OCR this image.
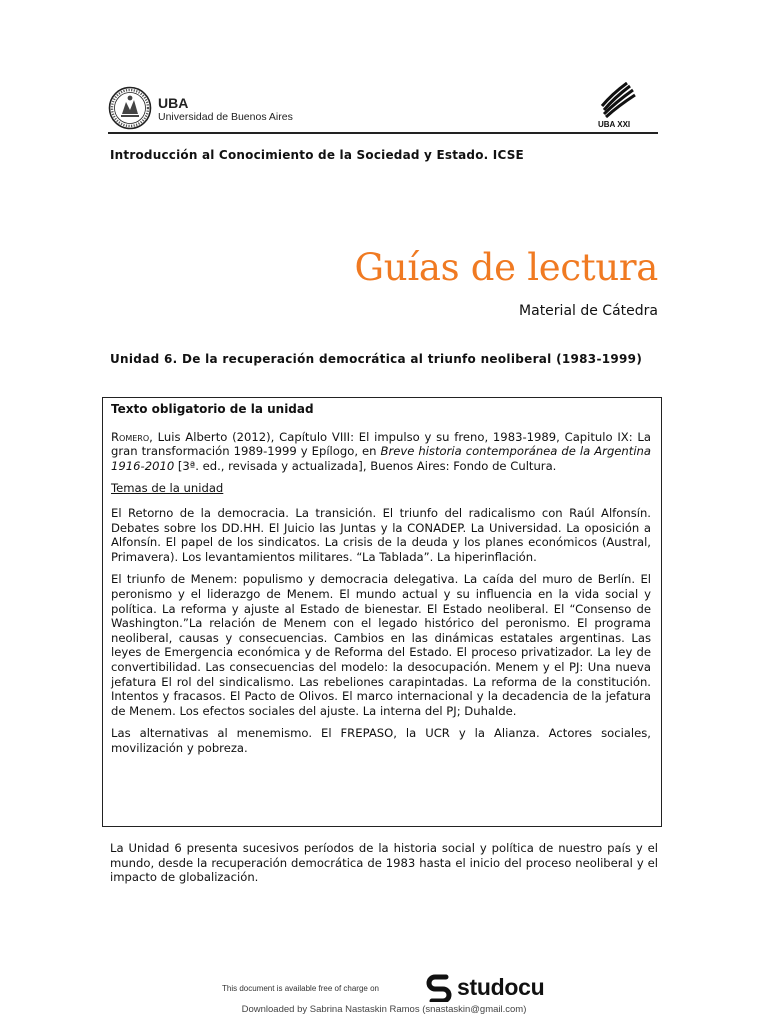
UBA
Universidad de Buenos Aires
UBA XXI
Introducción al Conocimiento de la Sociedad y Estado. ICSE
Guías de lectura
Material de Cátedra
Unidad 6. De la recuperación democrática al triunfo neoliberal (1983-1999)

Texto obligatorio de la unidad

Romero, Luis Alberto (2012), Capítulo VIII: El impulso y su freno, 1983-1989, Capitulo IX: La gran transformación 1989-1999 y Epílogo, en Breve historia contemporánea de la Argentina 1916-2010 [3ª. ed., revisada y actualizada], Buenos Aires: Fondo de Cultura.

Temas de la unidad

El Retorno de la democracia. La transición. El triunfo del radicalismo con Raúl Alfonsín. Debates sobre los DD.HH. El Juicio las Juntas y la CONADEP. La Universidad. La oposición a Alfonsín. El papel de los sindicatos. La crisis de la deuda y los planes económicos (Austral, Primavera). Los levantamientos militares. “La Tablada”. La hiperinflación.

El triunfo de Menem: populismo y democracia delegativa. La caída del muro de Berlín. El peronismo y el liderazgo de Menem. El mundo actual y su influencia en la vida social y política. La reforma y ajuste al Estado de bienestar. El Estado neoliberal. El “Consenso de Washington.”La relación de Menem con el legado histórico del peronismo. El programa neoliberal, causas y consecuencias. Cambios en las dinámicas estatales argentinas. Las leyes de Emergencia económica y de Reforma del Estado. El proceso privatizador. La ley de convertibilidad. Las consecuencias del modelo: la desocupación. Menem y el PJ: Una nueva jefatura El rol del sindicalismo. Las rebeliones carapintadas. La reforma de la constitución. Intentos y fracasos. El Pacto de Olivos. El marco internacional y la decadencia de la jefatura de Menem. Los efectos sociales del ajuste. La interna del PJ; Duhalde.

Las alternativas al menemismo. El FREPASO, la UCR y la Alianza. Actores sociales, movilización y pobreza.

La Unidad 6 presenta sucesivos períodos de la historia social y política de nuestro país y el mundo, desde la recuperación democrática de 1983 hasta el inicio del proceso neoliberal y el impacto de globalización.

This document is available free of charge on	studocu
Downloaded by Sabrina Nastaskin Ramos (snastaskin@gmail.com)
